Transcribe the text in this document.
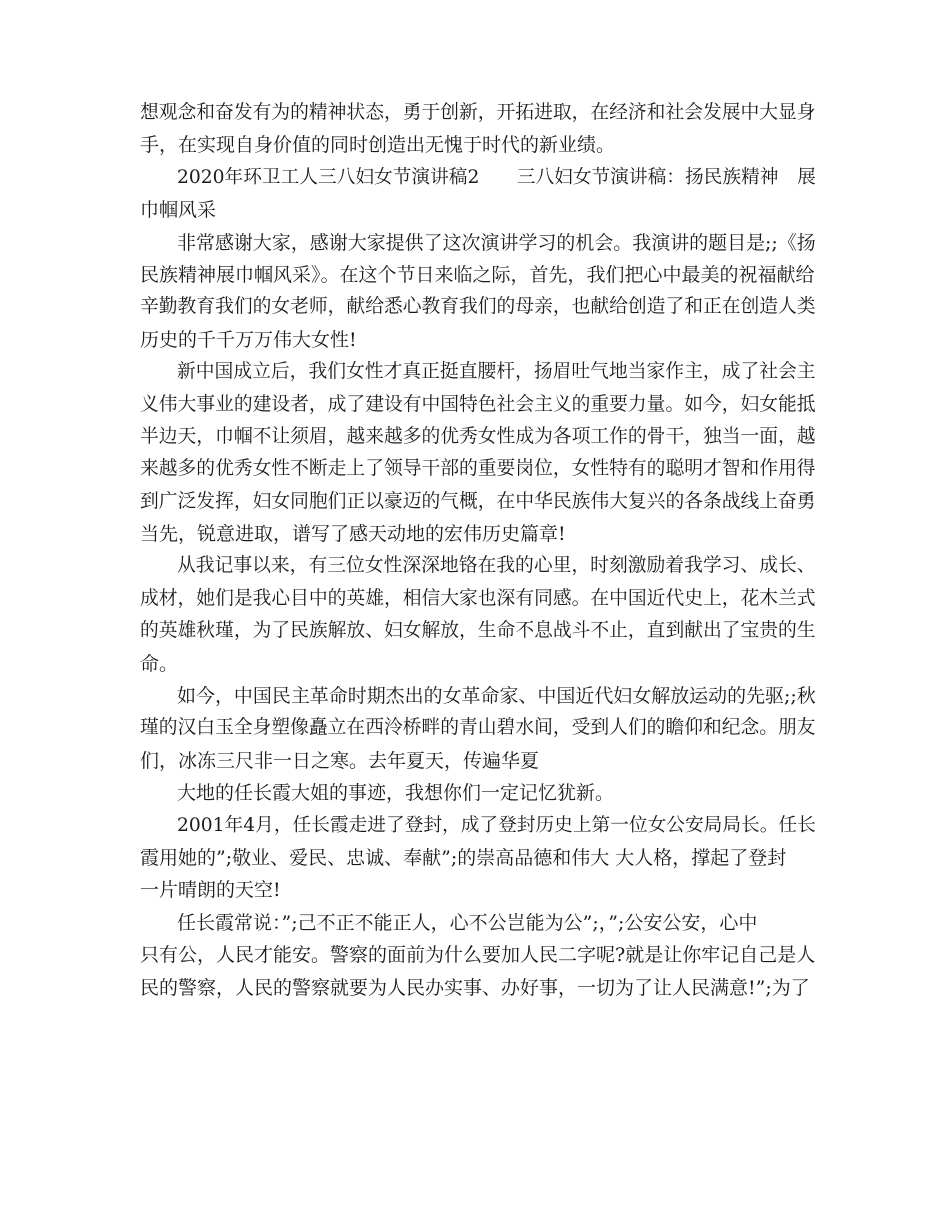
想观念和奋发有为的精神状态，勇于创新，开拓进取，在经济和社会发展中大显身
手，在实现自身价值的同时创造出无愧于时代的新业绩。
2020年环卫工人三八妇女节演讲稿2　　三八妇女节演讲稿：扬民族精神　展
巾帼风采
非常感谢大家，感谢大家提供了这次演讲学习的机会。我演讲的题目是;;《扬
民族精神展巾帼风采》。在这个节日来临之际，首先，我们把心中最美的祝福献给
辛勤教育我们的女老师，献给悉心教育我们的母亲，也献给创造了和正在创造人类
历史的千千万万伟大女性!
新中国成立后，我们女性才真正挺直腰杆，扬眉吐气地当家作主，成了社会主
义伟大事业的建设者，成了建设有中国特色社会主义的重要力量。如今，妇女能抵
半边天，巾帼不让须眉，越来越多的优秀女性成为各项工作的骨干，独当一面，越
来越多的优秀女性不断走上了领导干部的重要岗位，女性特有的聪明才智和作用得
到广泛发挥，妇女同胞们正以豪迈的气概，在中华民族伟大复兴的各条战线上奋勇
当先，锐意进取，谱写了感天动地的宏伟历史篇章!
从我记事以来，有三位女性深深地铬在我的心里，时刻激励着我学习、成长、
成材，她们是我心目中的英雄，相信大家也深有同感。在中国近代史上，花木兰式
的英雄秋瑾，为了民族解放、妇女解放，生命不息战斗不止，直到献出了宝贵的生
命。
如今，中国民主革命时期杰出的女革命家、中国近代妇女解放运动的先驱;;秋
瑾的汉白玉全身塑像矗立在西泠桥畔的青山碧水间，受到人们的瞻仰和纪念。朋友
们，冰冻三尺非一日之寒。去年夏天，传遍华夏
大地的任长霞大姐的事迹，我想你们一定记忆犹新。
2001年4月，任长霞走进了登封，成了登封历史上第一位女公安局局长。任长
霞用她的”;敬业、爱民、忠诚、奉献”;的崇高品德和伟大 大人格，撑起了登封
一片晴朗的天空!
任长霞常说：”;己不正不能正人，心不公岂能为公”;，”;公安公安，心中
只有公，人民才能安。警察的面前为什么要加人民二字呢?就是让你牢记自己是人
民的警察，人民的警察就要为人民办实事、办好事，一切为了让人民满意!”;为了
